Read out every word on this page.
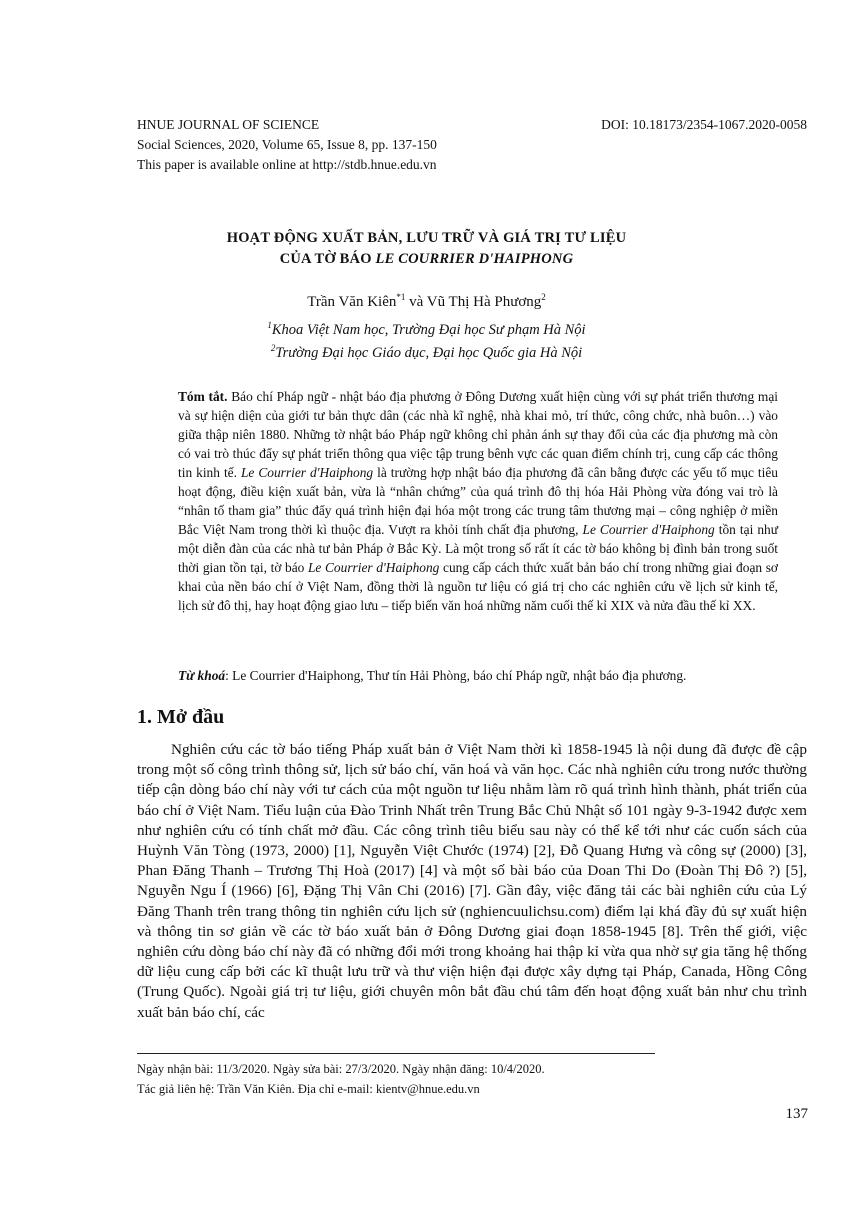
HNUE JOURNAL OF SCIENCE	DOI: 10.18173/2354-1067.2020-0058
Social Sciences, 2020, Volume 65, Issue 8, pp. 137-150
This paper is available online at http://stdb.hnue.edu.vn
HOẠT ĐỘNG XUẤT BẢN, LƯU TRỮ VÀ GIÁ TRỊ TƯ LIỆU
CỦA TỜ BÁO LE COURRIER D'HAIPHONG
Trần Văn Kiên$^{*1}$ và Vũ Thị Hà Phương$^2$
$^1$Khoa Việt Nam học, Trường Đại học Sư phạm Hà Nội
$^2$Trường Đại học Giáo dục, Đại học Quốc gia Hà Nội
Tóm tắt. Báo chí Pháp ngữ - nhật báo địa phương ở Đông Dương xuất hiện cùng với sự phát triển thương mại và sự hiện diện của giới tư bản thực dân (các nhà kĩ nghệ, nhà khai mỏ, trí thức, công chức, nhà buôn…) vào giữa thập niên 1880. Những tờ nhật báo Pháp ngữ không chỉ phản ánh sự thay đổi của các địa phương mà còn có vai trò thúc đẩy sự phát triển thông qua việc tập trung bênh vực các quan điểm chính trị, cung cấp các thông tin kinh tế. Le Courrier d'Haiphong là trường hợp nhật báo địa phương đã cân bằng được các yếu tố mục tiêu hoạt động, điều kiện xuất bản, vừa là “nhân chứng” của quá trình đô thị hóa Hải Phòng vừa đóng vai trò là “nhân tố tham gia” thúc đẩy quá trình hiện đại hóa một trong các trung tâm thương mại – công nghiệp ở miền Bắc Việt Nam trong thời kì thuộc địa. Vượt ra khỏi tính chất địa phương, Le Courrier d'Haiphong tồn tại như một diễn đàn của các nhà tư bản Pháp ở Bắc Kỳ. Là một trong số rất ít các tờ báo không bị đình bản trong suốt thời gian tồn tại, tờ báo Le Courrier d'Haiphong cung cấp cách thức xuất bản báo chí trong những giai đoạn sơ khai của nền báo chí ở Việt Nam, đồng thời là nguồn tư liệu có giá trị cho các nghiên cứu về lịch sử kinh tế, lịch sử đô thị, hay hoạt động giao lưu – tiếp biến văn hoá những năm cuối thế kỉ XIX và nửa đầu thế kỉ XX.
Từ khoá: Le Courrier d'Haiphong, Thư tín Hải Phòng, báo chí Pháp ngữ, nhật báo địa phương.
1. Mở đầu
Nghiên cứu các tờ báo tiếng Pháp xuất bản ở Việt Nam thời kì 1858-1945 là nội dung đã được đề cập trong một số công trình thông sử, lịch sử báo chí, văn hoá và văn học. Các nhà nghiên cứu trong nước thường tiếp cận dòng báo chí này với tư cách của một nguồn tư liệu nhằm làm rõ quá trình hình thành, phát triển của báo chí ở Việt Nam. Tiểu luận của Đào Trinh Nhất trên Trung Bắc Chủ Nhật số 101 ngày 9-3-1942 được xem như nghiên cứu có tính chất mở đầu. Các công trình tiêu biểu sau này có thể kể tới như các cuốn sách của Huỳnh Văn Tòng (1973, 2000) [1], Nguyễn Việt Chước (1974) [2], Đỗ Quang Hưng và công sự (2000) [3], Phan Đăng Thanh – Trương Thị Hoà (2017) [4] và một số bài báo của Doan Thi Do (Đoàn Thị Đô ?) [5], Nguyễn Ngu Í (1966) [6], Đặng Thị Vân Chi (2016) [7]. Gần đây, việc đăng tải các bài nghiên cứu của Lý Đăng Thanh trên trang thông tin nghiên cứu lịch sử (nghiencuulichsu.com) điểm lại khá đầy đủ sự xuất hiện và thông tin sơ giản về các tờ báo xuất bản ở Đông Dương giai đoạn 1858-1945 [8]. Trên thế giới, việc nghiên cứu dòng báo chí này đã có những đổi mới trong khoảng hai thập kỉ vừa qua nhờ sự gia tăng hệ thống dữ liệu cung cấp bởi các kĩ thuật lưu trữ và thư viện hiện đại được xây dựng tại Pháp, Canada, Hồng Công (Trung Quốc). Ngoài giá trị tư liệu, giới chuyên môn bắt đầu chú tâm đến hoạt động xuất bản như chu trình xuất bản báo chí, các
Ngày nhận bài: 11/3/2020. Ngày sửa bài: 27/3/2020. Ngày nhận đăng: 10/4/2020.
Tác giả liên hệ: Trần Văn Kiên. Địa chỉ e-mail: kientv@hnue.edu.vn
137
